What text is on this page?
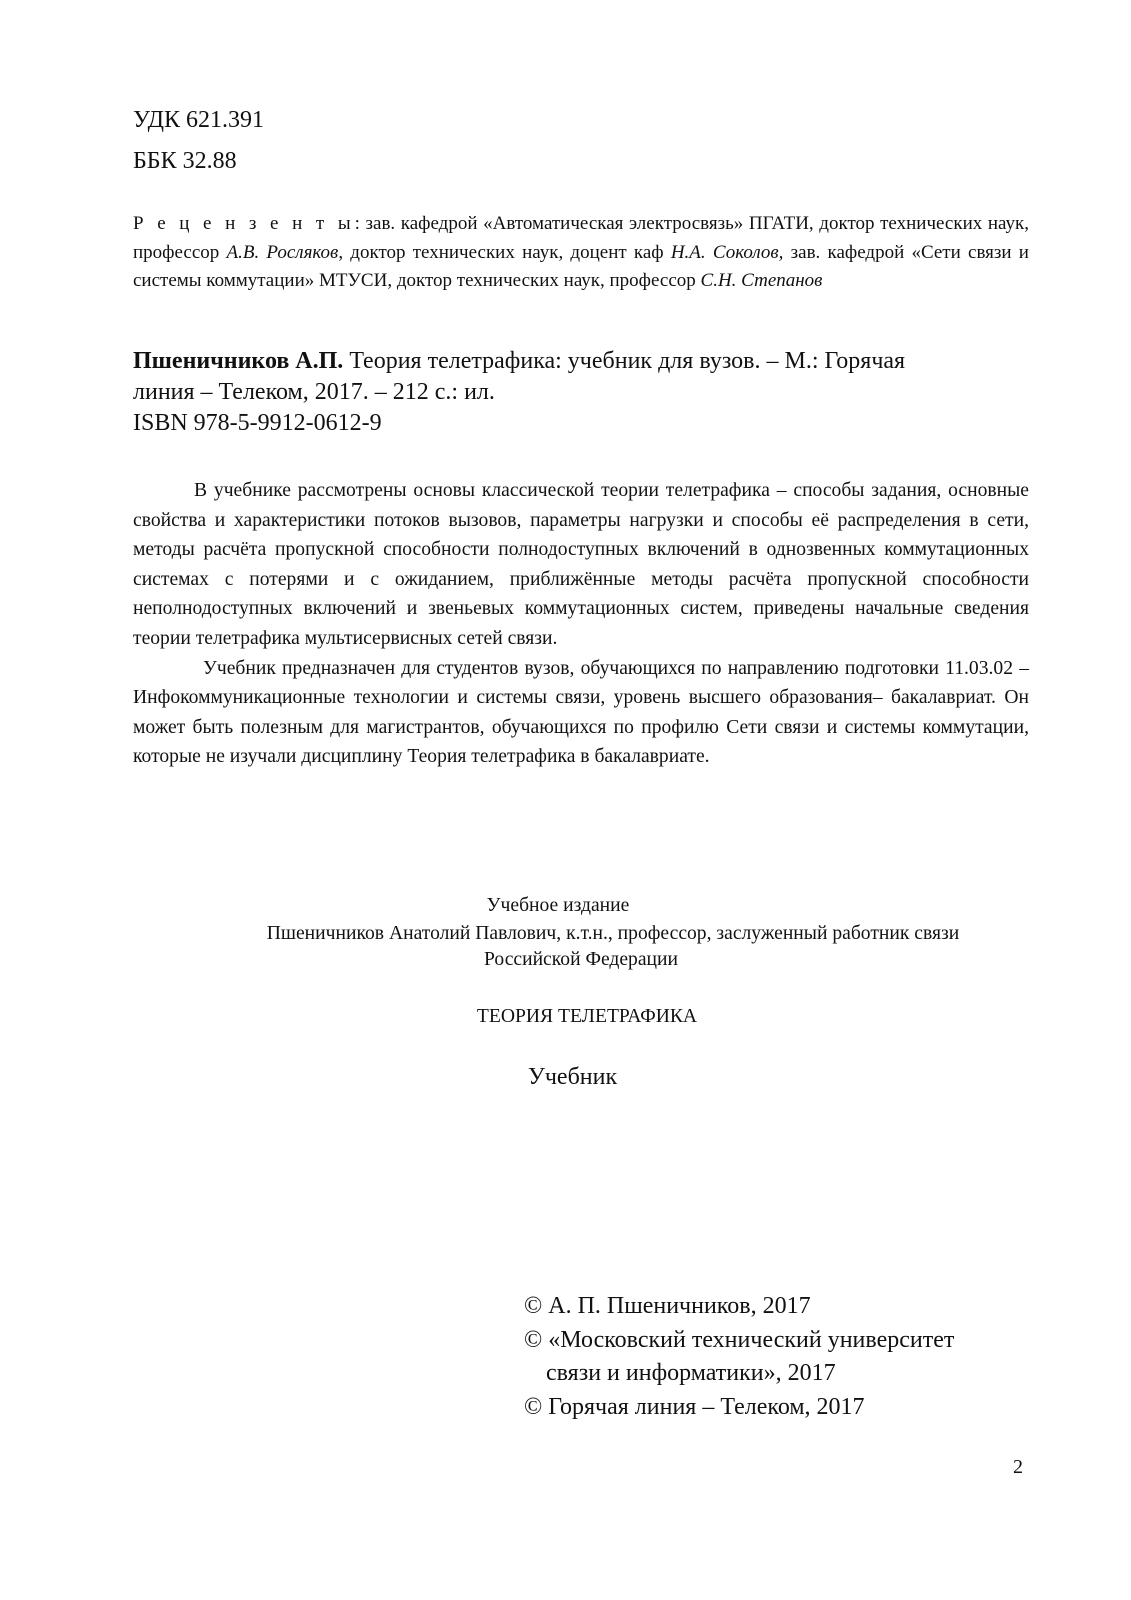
УДК 621.391
ББК 32.88
Р е ц е н з е н т ы: зав. кафедрой «Автоматическая электросвязь» ПГАТИ, доктор технических наук, профессор А.В. Росляков, доктор технических наук, доцент каф Н.А. Соколов, зав. кафедрой «Сети связи и системы коммутации» МТУСИ, доктор технических наук, профессор С.Н. Степанов
Пшеничников А.П. Теория телетрафика: учебник для вузов. – М.: Горячая
линия – Телеком, 2017. – 212 с.: ил.
ISBN 978-5-9912-0612-9

В учебнике рассмотрены основы классической теории телетрафика – способы задания, основные свойства и характеристики потоков вызовов, параметры нагрузки и способы её распределения в сети, методы расчёта пропускной способности полнодоступных включений в однозвенных коммутационных системах с потерями и с ожиданием, приближённые методы расчёта пропускной способности неполнодоступных включений и звеньевых коммутационных систем, приведены начальные сведения теории телетрафика мультисервисных сетей связи.

Учебник предназначен для студентов вузов, обучающихся по направлению подготовки 11.03.02 – Инфокоммуникационные технологии и системы связи, уровень высшего образования– бакалавриат. Он может быть полезным для магистрантов, обучающихся по профилю Сети связи и системы коммутации, которые не изучали дисциплину Теория телетрафика в бакалавриате.

Учебное издание
Пшеничников Анатолий Павлович, к.т.н., профессор, заслуженный работник связи
Российской Федерации
ТЕОРИЯ ТЕЛЕТРАФИКА
Учебник
© А. П. Пшеничников, 2017
© «Московский технический университет
связи и информатики», 2017
© Горячая линия – Телеком, 2017
2
